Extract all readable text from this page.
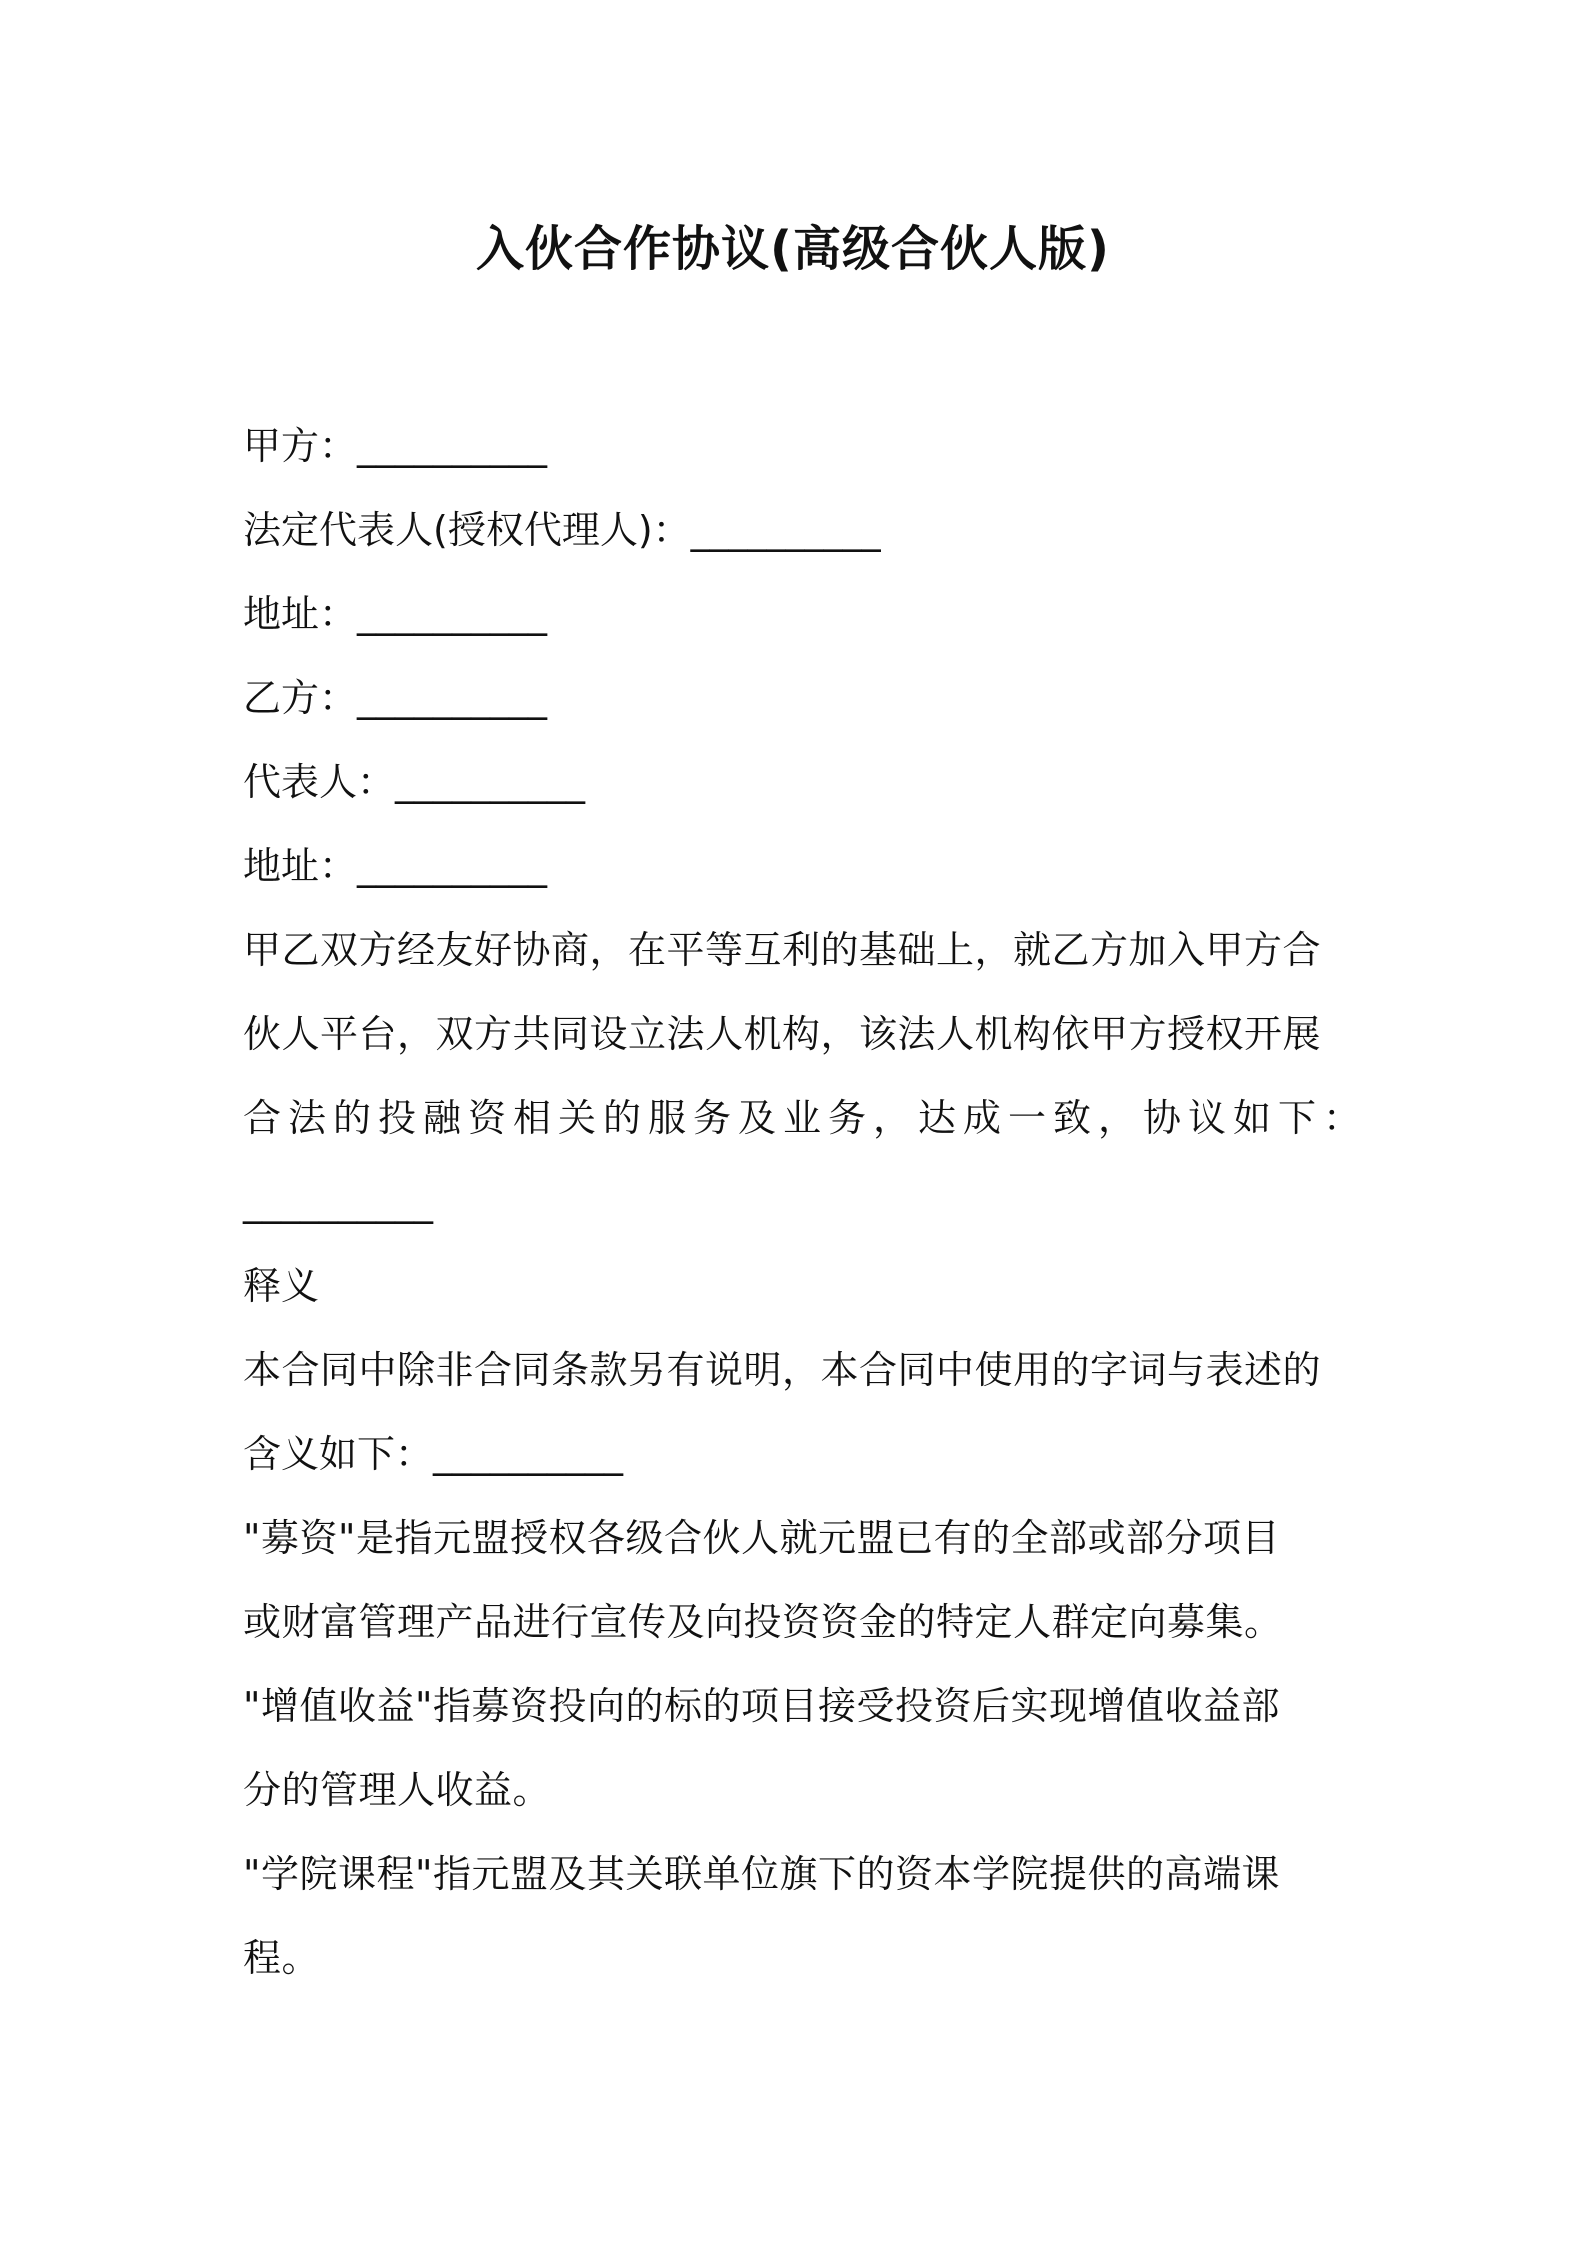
入伙合作协议(高级合伙人版)
甲方：__________
法定代表人(授权代理人)：__________
地址：__________
乙方：__________
代表人：__________
地址：__________
甲乙双方经友好协商，在平等互利的基础上，就乙方加入甲方合
伙人平台，双方共同设立法人机构，该法人机构依甲方授权开展
合法的投融资相关的服务及业务，达成一致，协议如下：
__________
释义
本合同中除非合同条款另有说明，本合同中使用的字词与表述的
含义如下：__________
"募资"是指元盟授权各级合伙人就元盟已有的全部或部分项目
或财富管理产品进行宣传及向投资资金的特定人群定向募集。
"增值收益"指募资投向的标的项目接受投资后实现增值收益部
分的管理人收益。
"学院课程"指元盟及其关联单位旗下的资本学院提供的高端课
程。
